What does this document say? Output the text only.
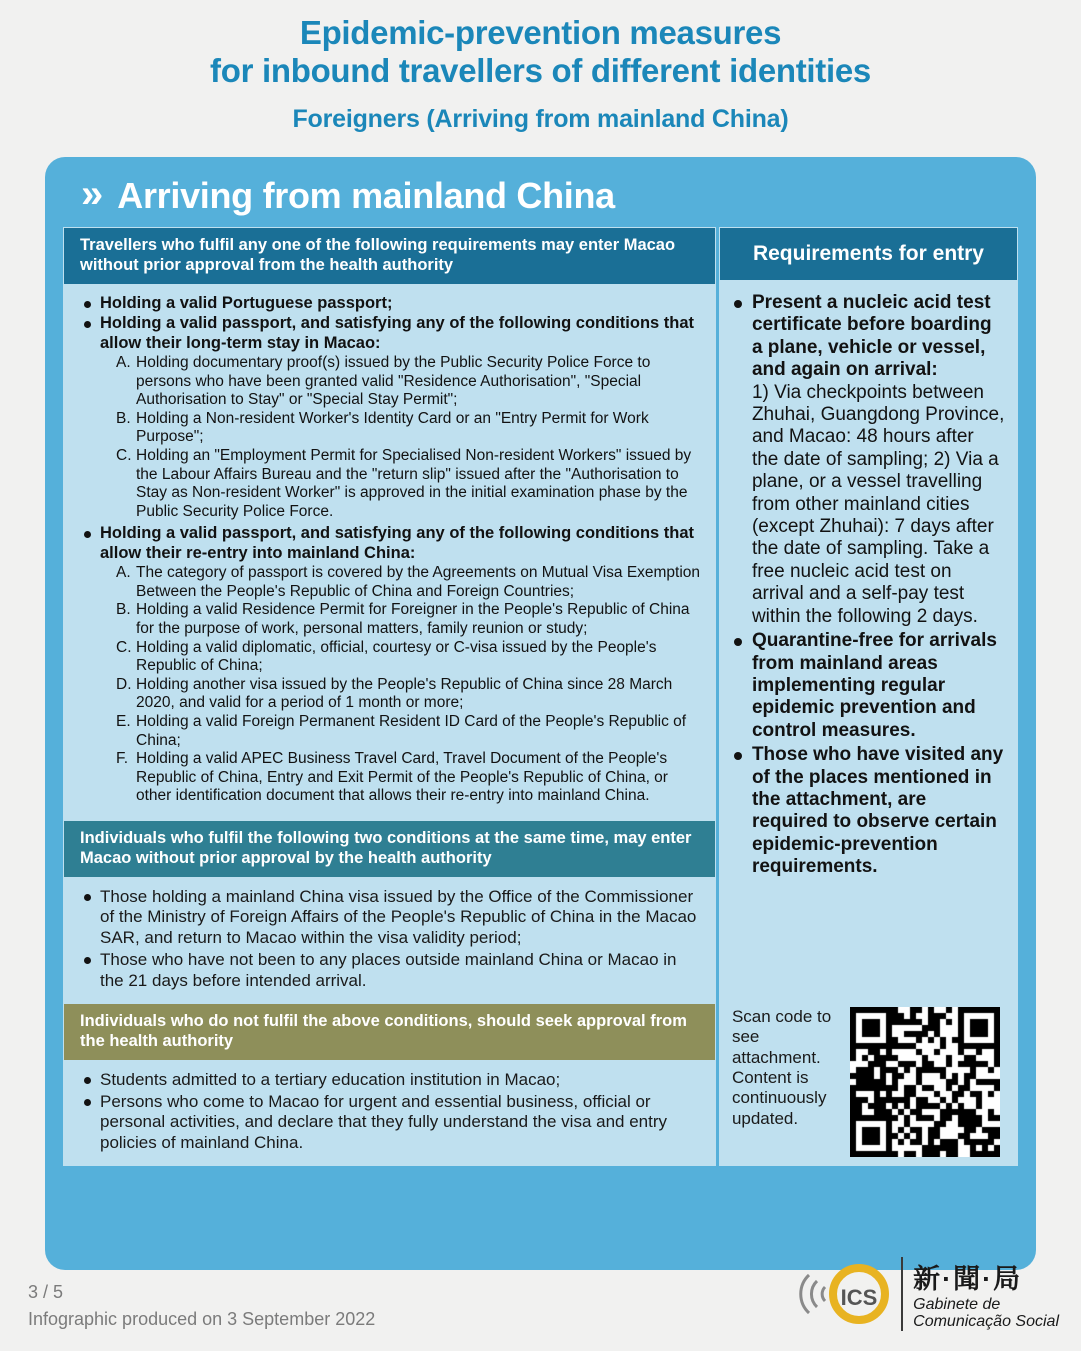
Epidemic-prevention measures
for inbound travellers of different identities
Foreigners (Arriving from mainland China)
» Arriving from mainland China
Travellers who fulfil any one of the following requirements may enter Macao without prior approval from the health authority
Holding a valid Portuguese passport;
Holding a valid passport, and satisfying any of the following conditions that allow their long-term stay in Macao:
A. Holding documentary proof(s) issued by the Public Security Police Force to persons who have been granted valid "Residence Authorisation", "Special Authorisation to Stay" or "Special Stay Permit";
B. Holding a Non-resident Worker's Identity Card or an "Entry Permit for Work Purpose";
C. Holding an "Employment Permit for Specialised Non-resident Workers" issued by the Labour Affairs Bureau and the "return slip" issued after the "Authorisation to Stay as Non-resident Worker" is approved in the initial examination phase by the Public Security Police Force.
Holding a valid passport, and satisfying any of the following conditions that allow their re-entry into mainland China:
A. The category of passport is covered by the Agreements on Mutual Visa Exemption Between the People's Republic of China and Foreign Countries;
B. Holding a valid Residence Permit for Foreigner in the People's Republic of China for the purpose of work, personal matters, family reunion or study;
C. Holding a valid diplomatic, official, courtesy or C-visa issued by the People's Republic of China;
D. Holding another visa issued by the People's Republic of China since 28 March 2020, and valid for a period of 1 month or more;
E. Holding a valid Foreign Permanent Resident ID Card of the People's Republic of China;
F. Holding a valid APEC Business Travel Card, Travel Document of the People's Republic of China, Entry and Exit Permit of the People's Republic of China, or other identification document that allows their re-entry into mainland China.
Individuals who fulfil the following two conditions at the same time, may enter Macao without prior approval by the health authority
Those holding a mainland China visa issued by the Office of the Commissioner of the Ministry of Foreign Affairs of the People's Republic of China in the Macao SAR, and return to Macao within the visa validity period;
Those who have not been to any places outside mainland China or Macao in the 21 days before intended arrival.
Individuals who do not fulfil the above conditions, should seek approval from the health authority
Students admitted to a tertiary education institution in Macao;
Persons who come to Macao for urgent and essential business, official or personal activities, and declare that they fully understand the visa and entry policies of mainland China.
Requirements for entry
Present a nucleic acid test certificate before boarding a plane, vehicle or vessel, and again on arrival:
1) Via checkpoints between Zhuhai, Guangdong Province, and Macao: 48 hours after the date of sampling; 2) Via a plane, or a vessel travelling from other mainland cities (except Zhuhai): 7 days after the date of sampling. Take a free nucleic acid test on arrival and a self-pay test within the following 2 days.
Quarantine-free for arrivals from mainland areas implementing regular epidemic prevention and control measures.
Those who have visited any of the places mentioned in the attachment, are required to observe certain epidemic-prevention requirements.
Scan code to see attachment. Content is continuously updated.
3 / 5
Infographic produced on 3 September 2022
ICS
新·聞·局
Gabinete de
Comunicação Social
